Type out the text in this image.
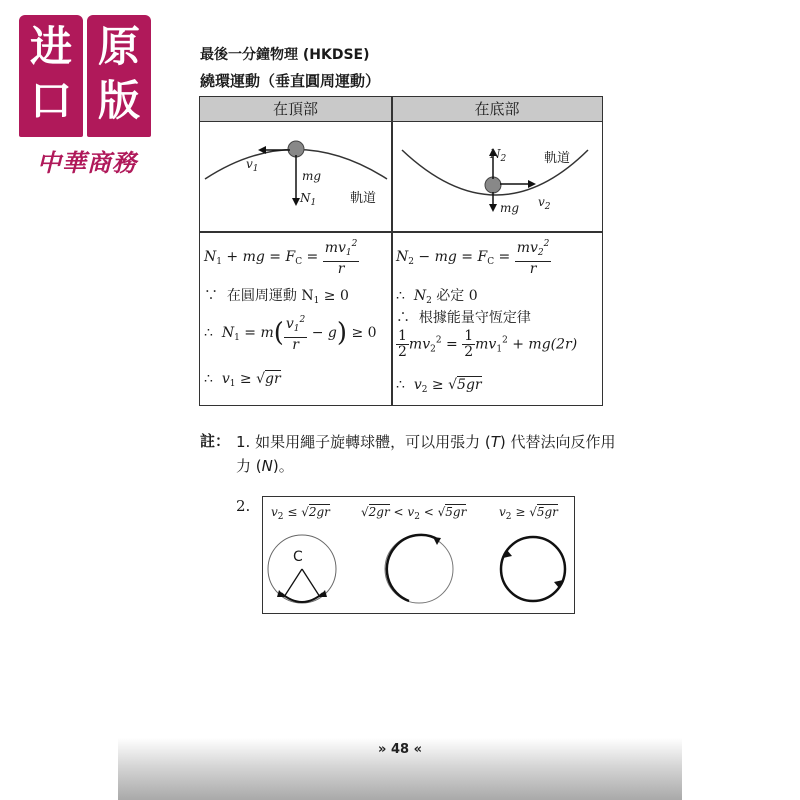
进 原
口 版
中華商務
最後一分鐘物理 (HKDSE)
繞環運動（垂直圓周運動）
在頂部	在底部
$v_1$	mg
$N_1$	軌道
$N_2$	軌道
mg $v_2$
$N_1$ + mg = $F_C = \frac{mv_1^2}{r}$
∵ 在圓周運動 $N_1 \ge 0$
∴ $N_1 = m( \frac{v_1^2}{r} - g) \ge 0$
∴ $v_1 \ge √gr$
$N_2$ − mg = $F_C = \frac{mv_2^2}{r}$
∴ $N_2$ 必定 0
∴ 根據能量守恆定律
$\frac{1}{2} mv_2^2 = \frac{1}{2} mv_1^2 + mg(2r)$
∴ $v_2 \ge √5gr$
註： 1. 如果用繩子旋轉球體，可以用張力 (T) 代替法向反作用力 (N)。
2. $v_2 \le √2gr$	$√2gr < v_2 < √5gr$	$v_2 \ge √5gr$
C
» 48 «
